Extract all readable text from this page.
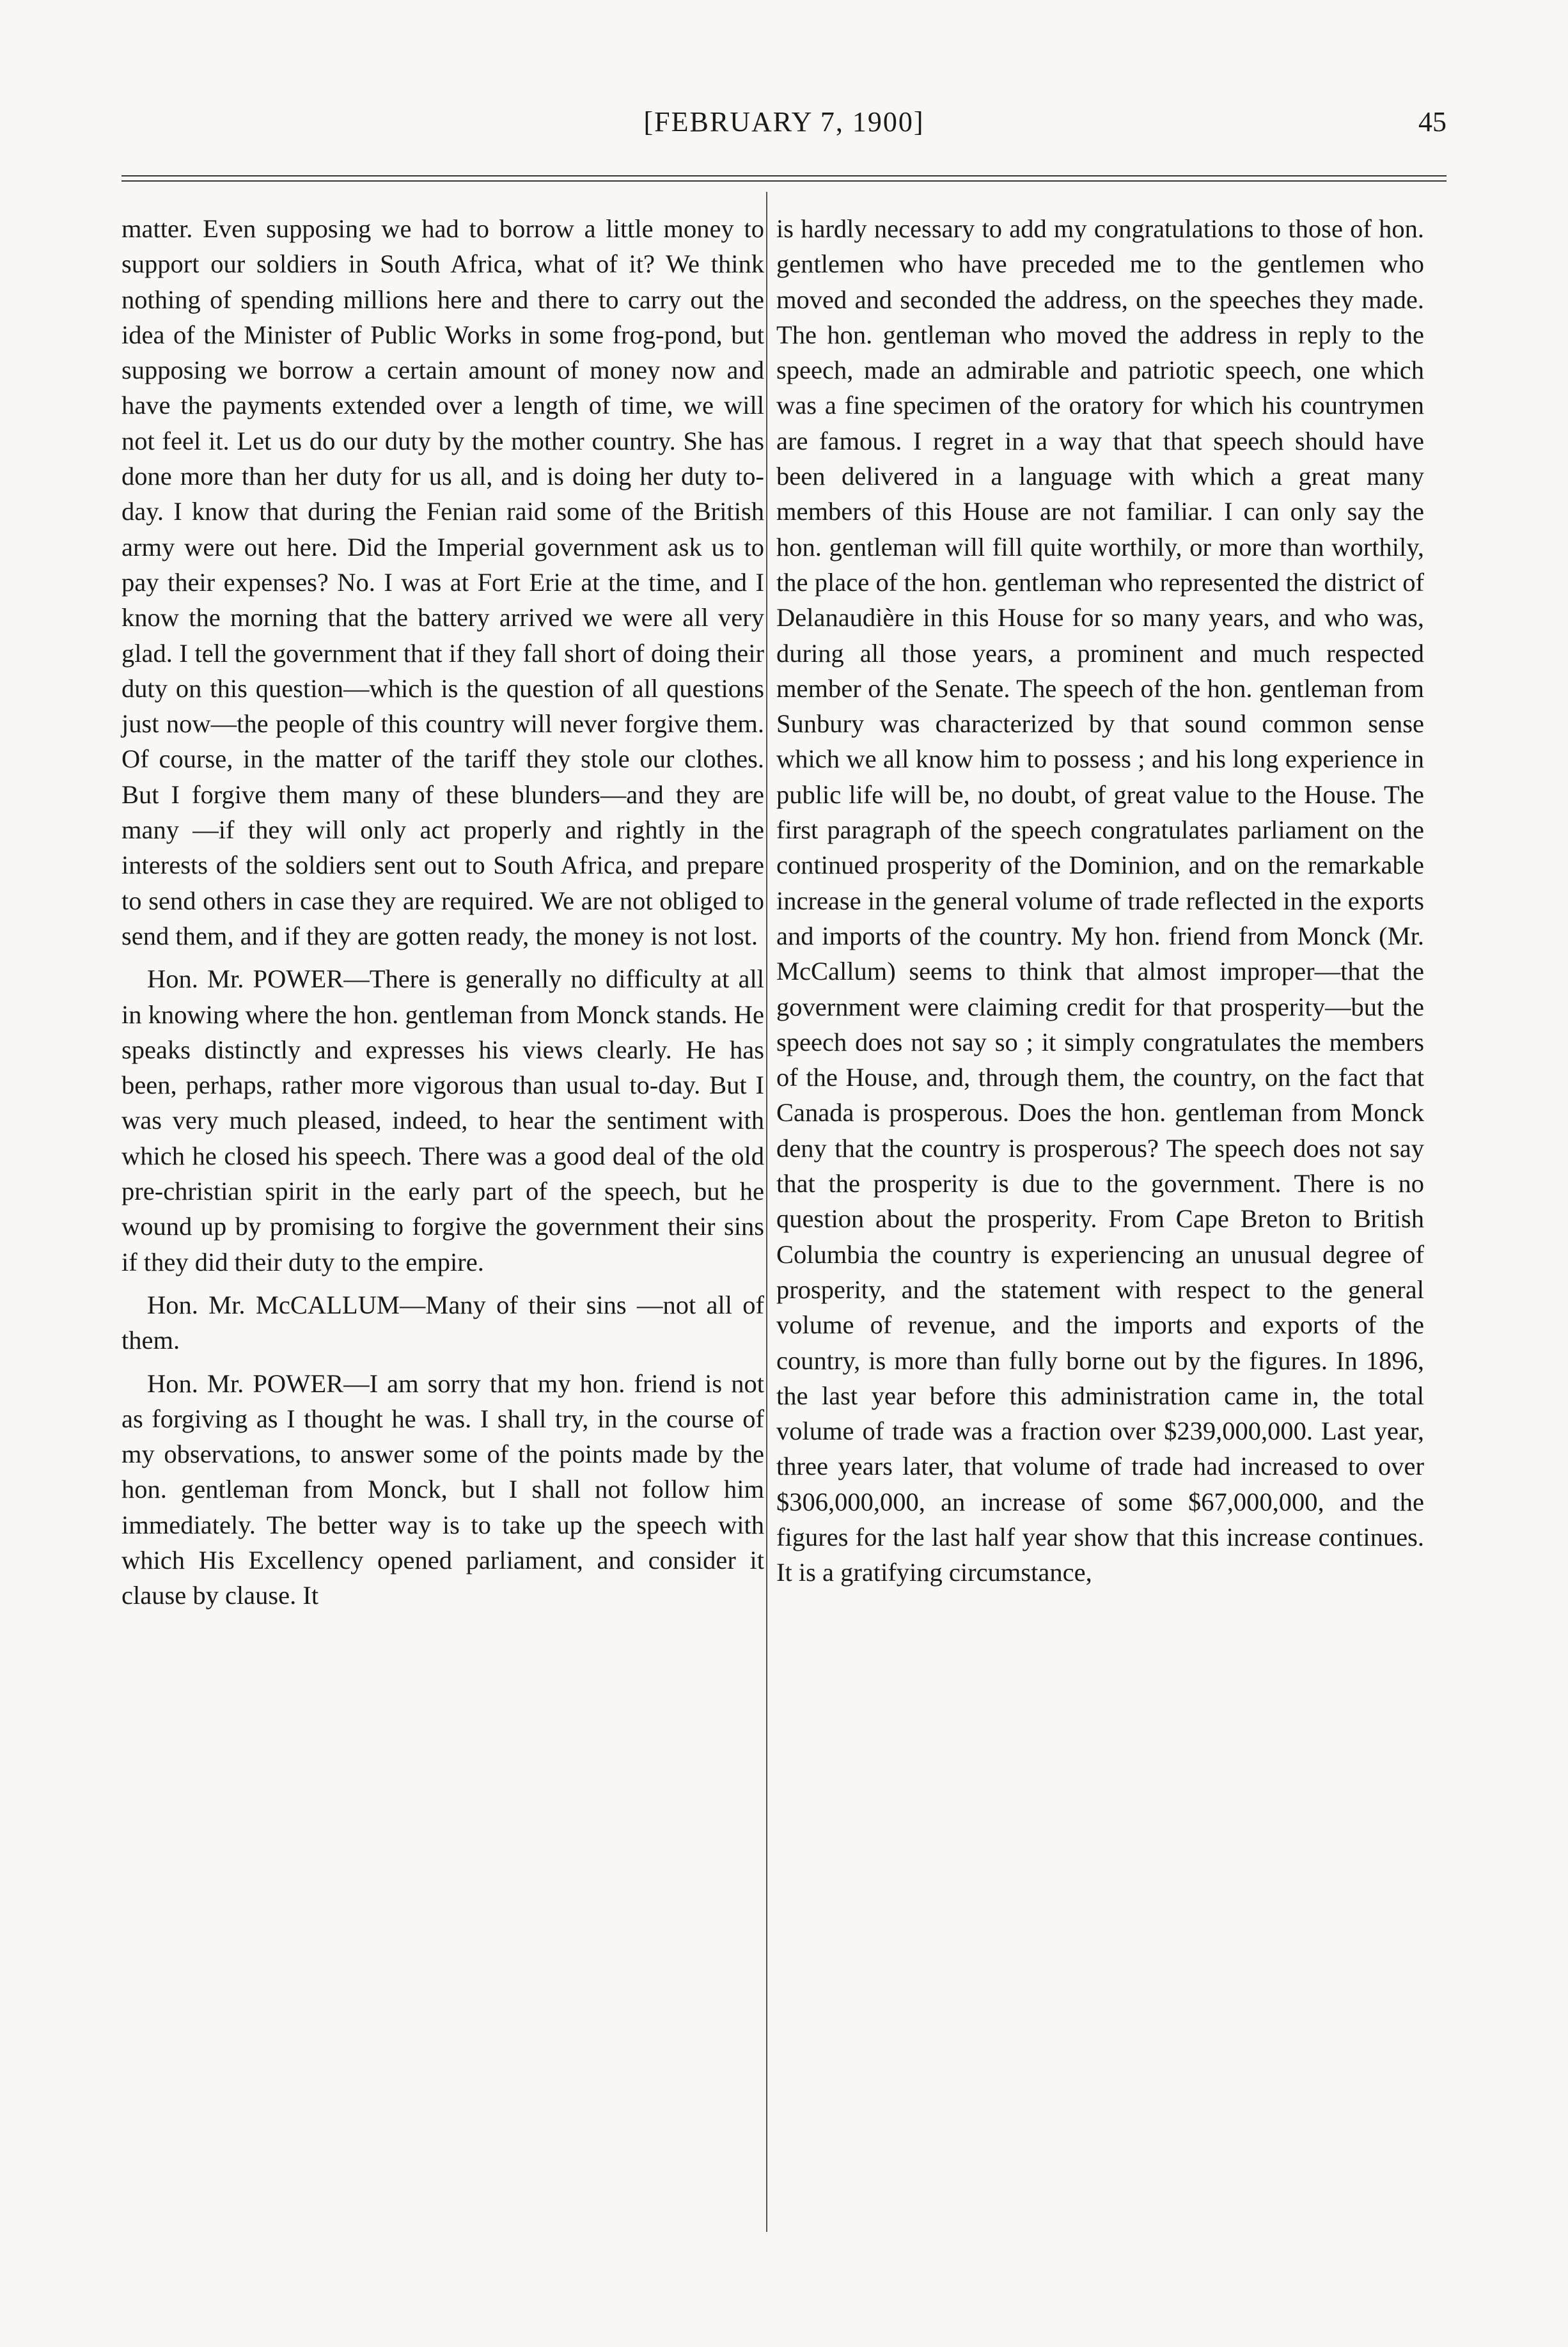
[FEBRUARY 7, 1900]	45

matter. Even supposing we had to borrow a little money to support our soldiers in South Africa, what of it? We think nothing of spending millions here and there to carry out the idea of the Minister of Public Works in some frog-pond, but supposing we borrow a certain amount of money now and have the payments extended over a length of time, we will not feel it. Let us do our duty by the mother country. She has done more than her duty for us all, and is doing her duty to-day. I know that during the Fenian raid some of the British army were out here. Did the Imperial government ask us to pay their expenses? No. I was at Fort Erie at the time, and I know the morning that the battery arrived we were all very glad. I tell the government that if they fall short of doing their duty on this question—which is the question of all questions just now—the people of this country will never forgive them. Of course, in the matter of the tariff they stole our clothes. But I forgive them many of these blunders—and they are many —if they will only act properly and rightly in the interests of the soldiers sent out to South Africa, and prepare to send others in case they are required. We are not obliged to send them, and if they are gotten ready, the money is not lost.

Hon. Mr. POWER—There is generally no difficulty at all in knowing where the hon. gentleman from Monck stands. He speaks distinctly and expresses his views clearly. He has been, perhaps, rather more vigorous than usual to-day. But I was very much pleased, indeed, to hear the sentiment with which he closed his speech. There was a good deal of the old pre-christian spirit in the early part of the speech, but he wound up by promising to forgive the government their sins if they did their duty to the empire.

Hon. Mr. McCALLUM—Many of their sins —not all of them.

Hon. Mr. POWER—I am sorry that my hon. friend is not as forgiving as I thought he was. I shall try, in the course of my observations, to answer some of the points made by the hon. gentleman from Monck, but I shall not follow him immediately. The better way is to take up the speech with which His Excellency opened parliament, and consider it clause by clause. It

is hardly necessary to add my congratulations to those of hon. gentlemen who have preceded me to the gentlemen who moved and seconded the address, on the speeches they made. The hon. gentleman who moved the address in reply to the speech, made an admirable and patriotic speech, one which was a fine specimen of the oratory for which his countrymen are famous. I regret in a way that that speech should have been delivered in a language with which a great many members of this House are not familiar. I can only say the hon. gentleman will fill quite worthily, or more than worthily, the place of the hon. gentleman who represented the district of Delanaudière in this House for so many years, and who was, during all those years, a prominent and much respected member of the Senate. The speech of the hon. gentleman from Sunbury was characterized by that sound common sense which we all know him to possess ; and his long experience in public life will be, no doubt, of great value to the House. The first paragraph of the speech congratulates parliament on the continued prosperity of the Dominion, and on the remarkable increase in the general volume of trade reflected in the exports and imports of the country. My hon. friend from Monck (Mr. McCallum) seems to think that almost improper—that the government were claiming credit for that prosperity—but the speech does not say so ; it simply congratulates the members of the House, and, through them, the country, on the fact that Canada is prosperous. Does the hon. gentleman from Monck deny that the country is prosperous? The speech does not say that the prosperity is due to the government. There is no question about the prosperity. From Cape Breton to British Columbia the country is experiencing an unusual degree of prosperity, and the statement with respect to the general volume of revenue, and the imports and exports of the country, is more than fully borne out by the figures. In 1896, the last year before this administration came in, the total volume of trade was a fraction over $239,000,000. Last year, three years later, that volume of trade had increased to over $306,000,000, an increase of some $67,000,000, and the figures for the last half year show that this increase continues. It is a gratifying circumstance,
